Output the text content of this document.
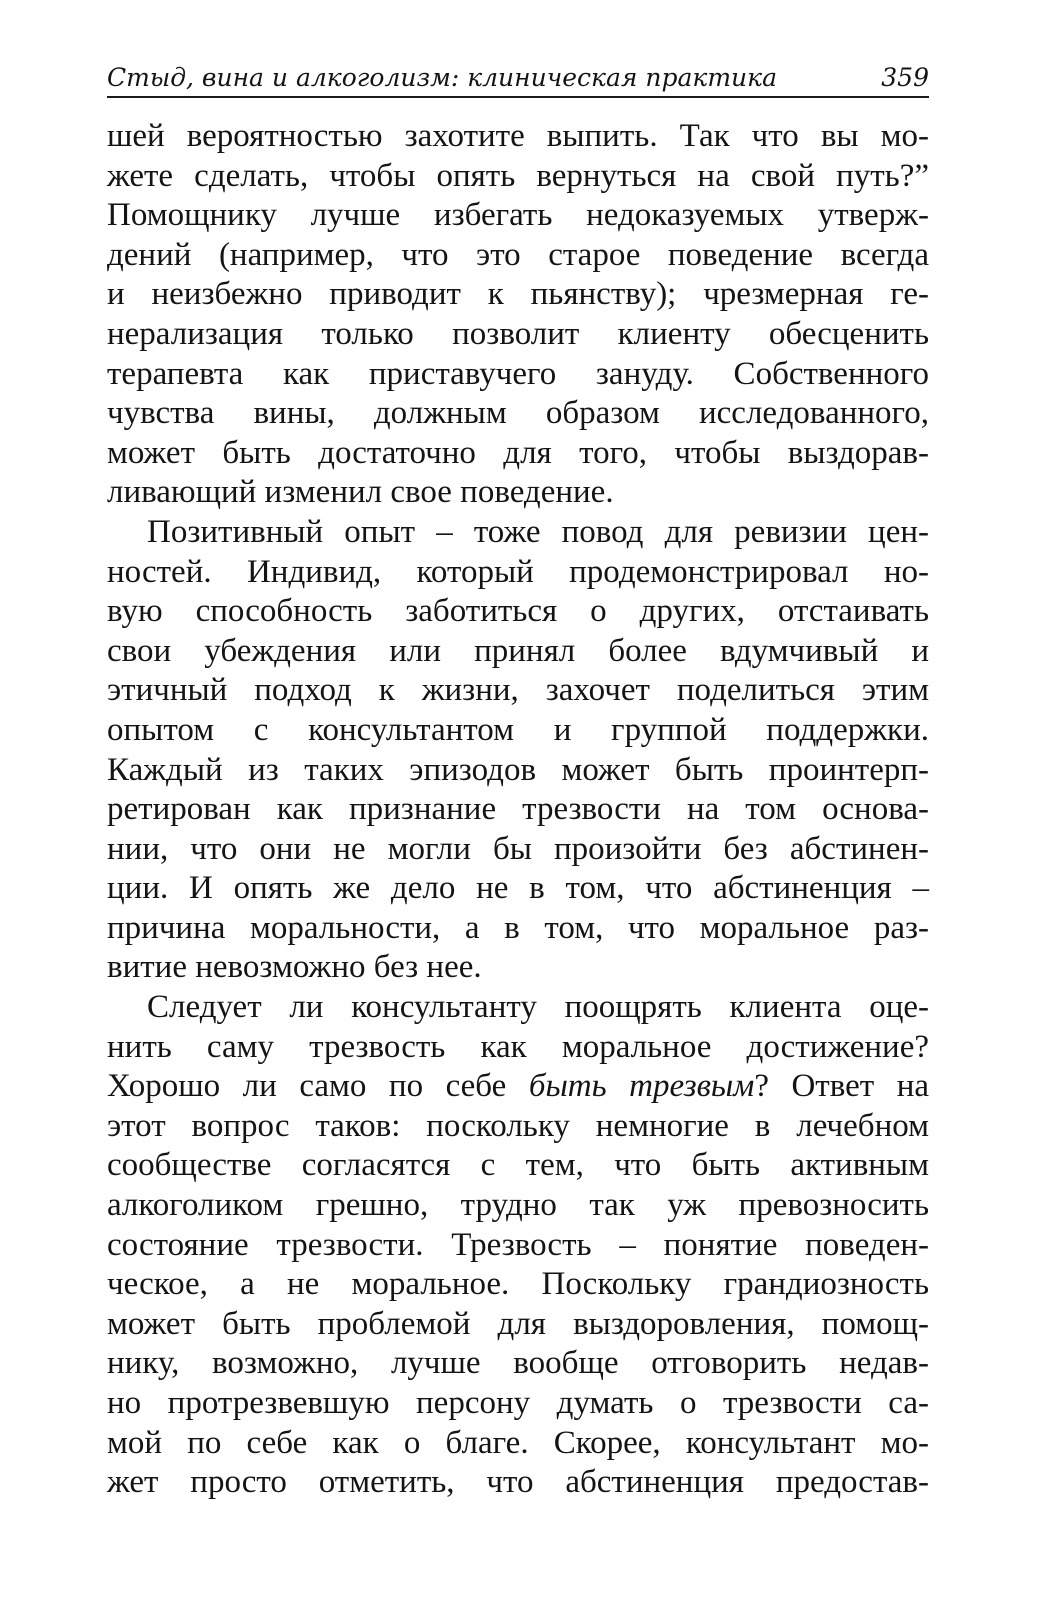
Стыд, вина и алкоголизм: клиническая практика	359
шей вероятностью захотите выпить. Так что вы мо-
жете сделать, чтобы опять вернуться на свой путь?”
Помощнику лучше избегать недоказуемых утверж-
дений (например, что это старое поведение всегда
и неизбежно приводит к пьянству); чрезмерная ге-
нерализация только позволит клиенту обесценить
терапевта как приставучего зануду. Собственного
чувства вины, должным образом исследованного,
может быть достаточно для того, чтобы выздорав-
ливающий изменил свое поведение.
Позитивный опыт – тоже повод для ревизии цен-
ностей. Индивид, который продемонстрировал но-
вую способность заботиться о других, отстаивать
свои убеждения или принял более вдумчивый и
этичный подход к жизни, захочет поделиться этим
опытом с консультантом и группой поддержки.
Каждый из таких эпизодов может быть проинтерп-
ретирован как признание трезвости на том основа-
нии, что они не могли бы произойти без абстинен-
ции. И опять же дело не в том, что абстиненция –
причина моральности, а в том, что моральное раз-
витие невозможно без нее.
Следует ли консультанту поощрять клиента оце-
нить саму трезвость как моральное достижение?
Хорошо ли само по себе быть трезвым? Ответ на
этот вопрос таков: поскольку немногие в лечебном
сообществе согласятся с тем, что быть активным
алкоголиком грешно, трудно так уж превозносить
состояние трезвости. Трезвость – понятие поведен-
ческое, а не моральное. Поскольку грандиозность
может быть проблемой для выздоровления, помощ-
нику, возможно, лучше вообще отговорить недав-
но протрезвевшую персону думать о трезвости са-
мой по себе как о благе. Скорее, консультант мо-
жет просто отметить, что абстиненция предостав-
